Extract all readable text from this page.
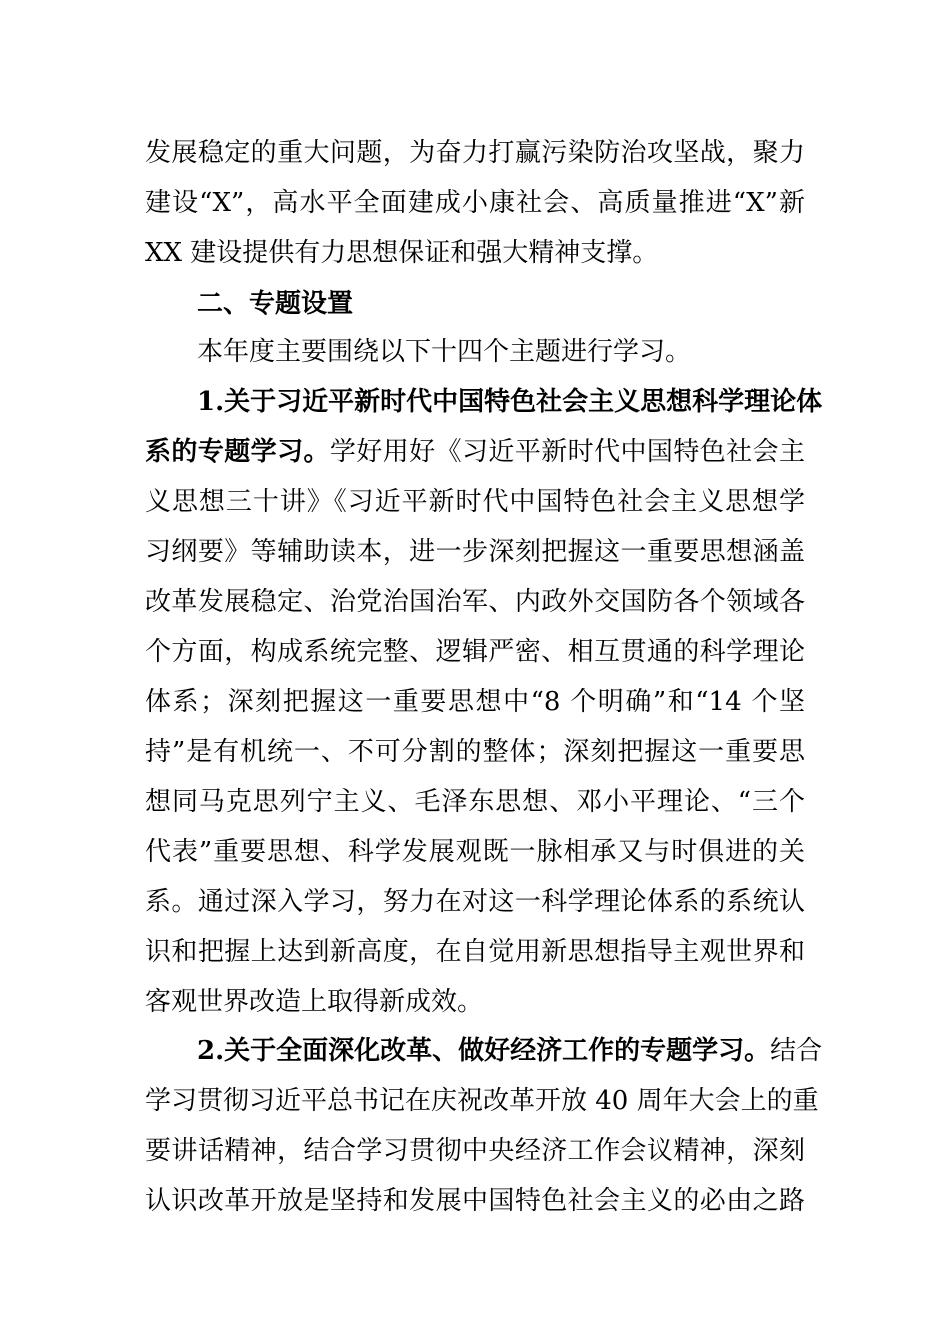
发展稳定的重大问题，为奋力打赢污染防治攻坚战，聚力
建设“X”，高水平全面建成小康社会、高质量推进“X”新
XX 建设提供有力思想保证和强大精神支撑。
二、专题设置
本年度主要围绕以下十四个主题进行学习。
1.关于习近平新时代中国特色社会主义思想科学理论体
系的专题学习。学好用好《习近平新时代中国特色社会主
义思想三十讲》《习近平新时代中国特色社会主义思想学
习纲要》等辅助读本，进一步深刻把握这一重要思想涵盖
改革发展稳定、治党治国治军、内政外交国防各个领域各
个方面，构成系统完整、逻辑严密、相互贯通的科学理论
体系；深刻把握这一重要思想中“8 个明确”和“14 个坚
持”是有机统一、不可分割的整体；深刻把握这一重要思
想同马克思列宁主义、毛泽东思想、邓小平理论、“三个
代表”重要思想、科学发展观既一脉相承又与时俱进的关
系。通过深入学习，努力在对这一科学理论体系的系统认
识和把握上达到新高度，在自觉用新思想指导主观世界和
客观世界改造上取得新成效。
2.关于全面深化改革、做好经济工作的专题学习。结合
学习贯彻习近平总书记在庆祝改革开放 40 周年大会上的重
要讲话精神，结合学习贯彻中央经济工作会议精神，深刻
认识改革开放是坚持和发展中国特色社会主义的必由之路
